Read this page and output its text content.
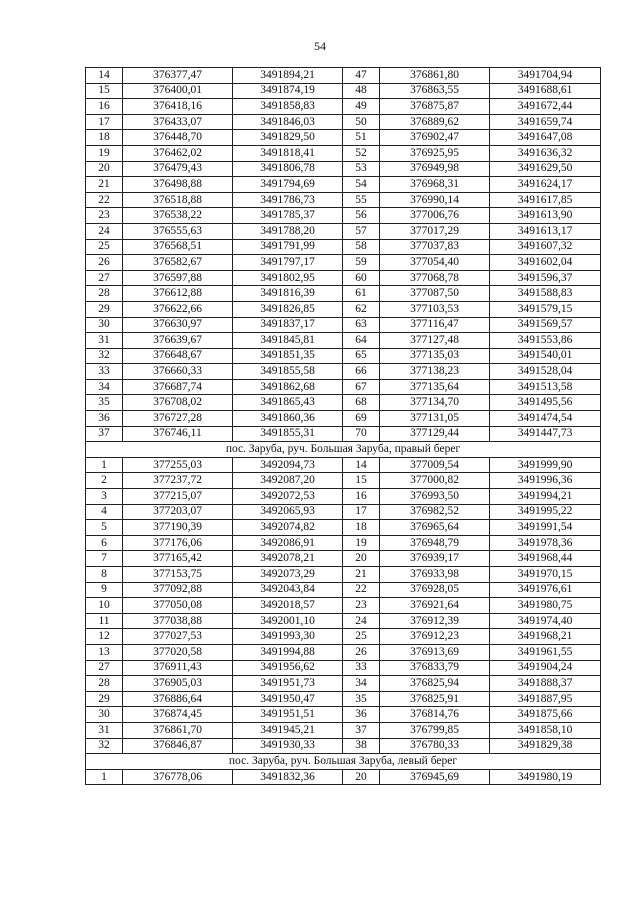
54
14	376377,47	3491894,21	47	376861,80	3491704,94
15	376400,01	3491874,19	48	376863,55	3491688,61
16	376418,16	3491858,83	49	376875,87	3491672,44
17	376433,07	3491846,03	50	376889,62	3491659,74
18	376448,70	3491829,50	51	376902,47	3491647,08
19	376462,02	3491818,41	52	376925,95	3491636,32
20	376479,43	3491806,78	53	376949,98	3491629,50
21	376498,88	3491794,69	54	376968,31	3491624,17
22	376518,88	3491786,73	55	376990,14	3491617,85
23	376538,22	3491785,37	56	377006,76	3491613,90
24	376555,63	3491788,20	57	377017,29	3491613,17
25	376568,51	3491791,99	58	377037,83	3491607,32
26	376582,67	3491797,17	59	377054,40	3491602,04
27	376597,88	3491802,95	60	377068,78	3491596,37
28	376612,88	3491816,39	61	377087,50	3491588,83
29	376622,66	3491826,85	62	377103,53	3491579,15
30	376630,97	3491837,17	63	377116,47	3491569,57
31	376639,67	3491845,81	64	377127,48	3491553,86
32	376648,67	3491851,35	65	377135,03	3491540,01
33	376660,33	3491855,58	66	377138,23	3491528,04
34	376687,74	3491862,68	67	377135,64	3491513,58
35	376708,02	3491865,43	68	377134,70	3491495,56
36	376727,28	3491860,36	69	377131,05	3491474,54
37	376746,11	3491855,31	70	377129,44	3491447,73
пос. Заруба, руч. Большая Заруба, правый берег					
1	377255,03	3492094,73	14	377009,54	3491999,90
2	377237,72	3492087,20	15	377000,82	3491996,36
3	377215,07	3492072,53	16	376993,50	3491994,21
4	377203,07	3492065,93	17	376982,52	3491995,22
5	377190,39	3492074,82	18	376965,64	3491991,54
6	377176,06	3492086,91	19	376948,79	3491978,36
7	377165,42	3492078,21	20	376939,17	3491968,44
8	377153,75	3492073,29	21	376933,98	3491970,15
9	377092,88	3492043,84	22	376928,05	3491976,61
10	377050,08	3492018,57	23	376921,64	3491980,75
11	377038,88	3492001,10	24	376912,39	3491974,40
12	377027,53	3491993,30	25	376912,23	3491968,21
13	377020,58	3491994,88	26	376913,69	3491961,55
27	376911,43	3491956,62	33	376833,79	3491904,24
28	376905,03	3491951,73	34	376825,94	3491888,37
29	376886,64	3491950,47	35	376825,91	3491887,95
30	376874,45	3491951,51	36	376814,76	3491875,66
31	376861,70	3491945,21	37	376799,85	3491858,10
32	376846,87	3491930,33	38	376780,33	3491829,38
пос. Заруба, руч. Большая Заруба, левый берег					
1	376778,06	3491832,36	20	376945,69	3491980,19
